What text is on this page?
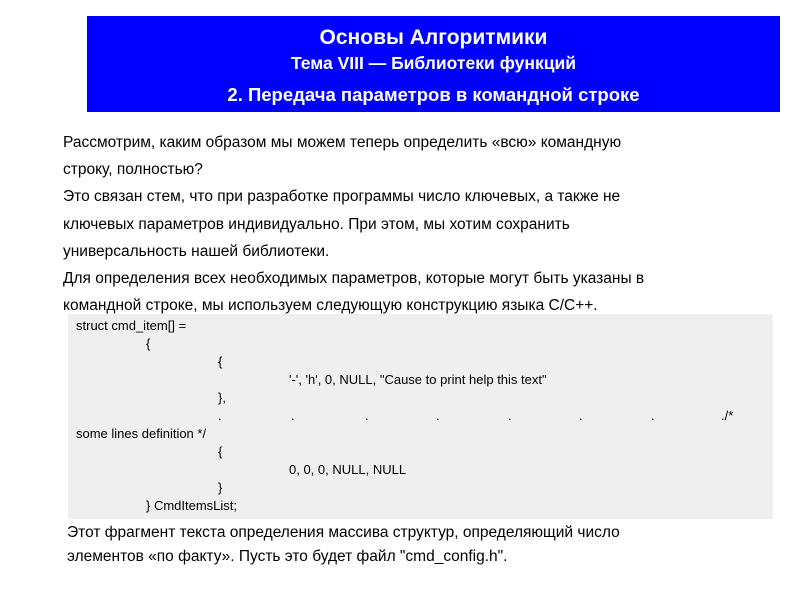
Основы Алгоритмики
Тема VIII — Библиотеки функций
2. Передача параметров в командной строке
Рассмотрим, каким образом мы можем теперь определить «всю» командную
строку, полностью?
Это связан стем, что при разработке программы число ключевых, а также не
ключевых параметров индивидуально. При этом, мы хотим сохранить
универсальность нашей библиотеки.
Для определения всех необходимых параметров, которые могут быть указаны в
командной строке, мы используем следующую конструкцию языка C/C++.
struct cmd_item[] =
{
{
'-', 'h', 0, NULL, "Cause to print help this text"
},
.	.	.	.	.	.	.	./*
some lines definition */
{
0, 0, 0, NULL, NULL
}
} CmdItemsList;
Этот фрагмент текста определения массива структур, определяющий число
элементов «по факту». Пусть это будет файл "cmd_config.h".
